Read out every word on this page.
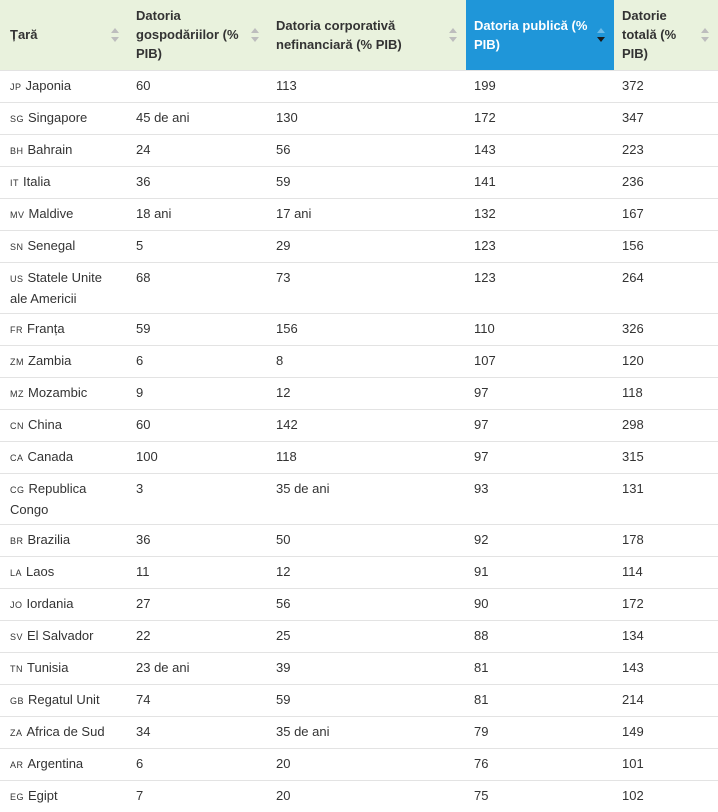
Țară	Datoria gospodăriilor (% PIB)	Datoria corporativă nefinanciară (% PIB)	Datoria publică (% PIB)	Datorie totală (% PIB)

JP Japonia	60	113	199	372
SG Singapore	45 de ani	130	172	347
BH Bahrain	24	56	143	223
IT Italia	36	59	141	236
MV Maldive	18 ani	17 ani	132	167
SN Senegal	5	29	123	156
US Statele Unite ale Americii	68	73	123	264
FR Franța	59	156	110	326
ZM Zambia	6	8	107	120
MZ Mozambic	9	12	97	118
CN China	60	142	97	298
CA Canada	100	118	97	315
CG Republica Congo	3	35 de ani	93	131
BR Brazilia	36	50	92	178
LA Laos	11	12	91	114
JO Iordania	27	56	90	172
SV El Salvador	22	25	88	134
TN Tunisia	23 de ani	39	81	143
GB Regatul Unit	74	59	81	214
ZA Africa de Sud	34	35 de ani	79	149
AR Argentina	6	20	76	101
EG Egipt	7	20	75	102
